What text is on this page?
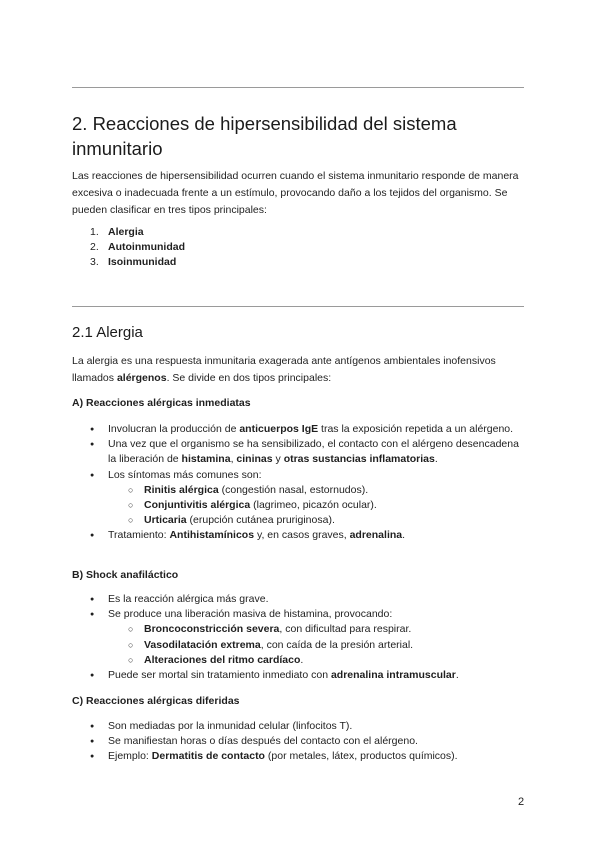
2. Reacciones de hipersensibilidad del sistema inmunitario

Las reacciones de hipersensibilidad ocurren cuando el sistema inmunitario responde de manera excesiva o inadecuada frente a un estímulo, provocando daño a los tejidos del organismo. Se pueden clasificar en tres tipos principales:

1. Alergia
2. Autoinmunidad
3. Isoinmunidad
2.1 Alergia

La alergia es una respuesta inmunitaria exagerada ante antígenos ambientales inofensivos llamados alérgenos. Se divide en dos tipos principales:

A) Reacciones alérgicas inmediatas

● Involucran la producción de anticuerpos IgE tras la exposición repetida a un alérgeno.
● Una vez que el organismo se ha sensibilizado, el contacto con el alérgeno desencadena la liberación de histamina, cininas y otras sustancias inflamatorias.
● Los síntomas más comunes son:
○ Rinitis alérgica (congestión nasal, estornudos).
○ Conjuntivitis alérgica (lagrimeo, picazón ocular).
○ Urticaria (erupción cutánea pruriginosa).
● Tratamiento: Antihistamínicos y, en casos graves, adrenalina.

B) Shock anafiláctico

● Es la reacción alérgica más grave.
● Se produce una liberación masiva de histamina, provocando:
○ Broncoconstricción severa, con dificultad para respirar.
○ Vasodilatación extrema, con caída de la presión arterial.
○ Alteraciones del ritmo cardíaco.
● Puede ser mortal sin tratamiento inmediato con adrenalina intramuscular.

C) Reacciones alérgicas diferidas

● Son mediadas por la inmunidad celular (linfocitos T).
● Se manifiestan horas o días después del contacto con el alérgeno.
● Ejemplo: Dermatitis de contacto (por metales, látex, productos químicos).
2
